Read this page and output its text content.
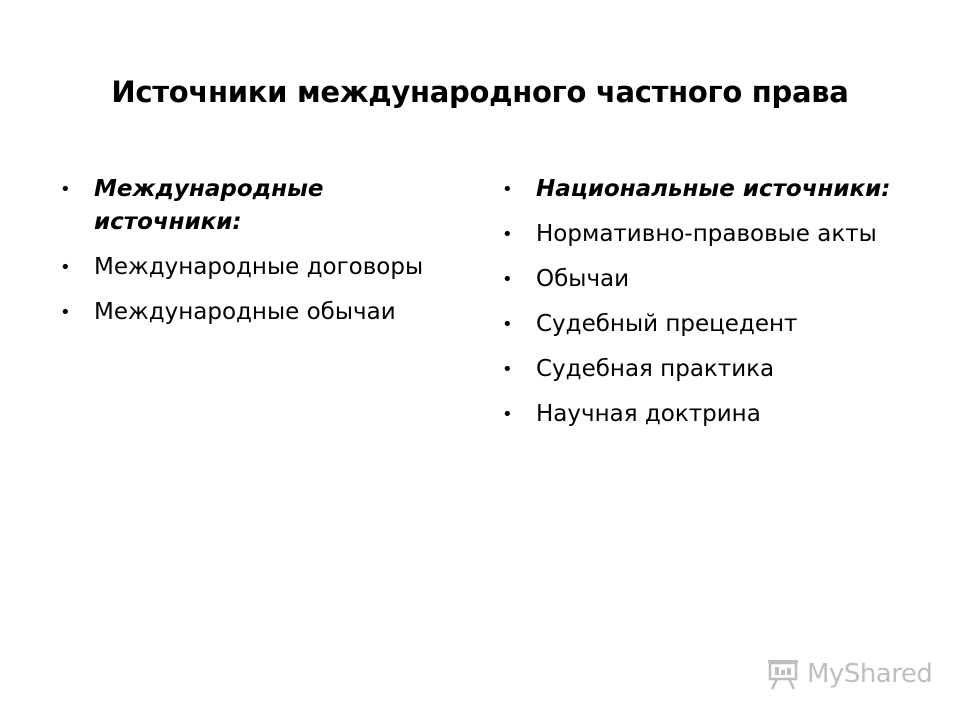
Источники международного частного права
• Международные источники:
• Международные договоры
• Международные обычаи
• Национальные источники:
• Нормативно-правовые акты
• Обычаи
• Судебный прецедент
• Судебная практика
• Научная доктрина
MyShared
